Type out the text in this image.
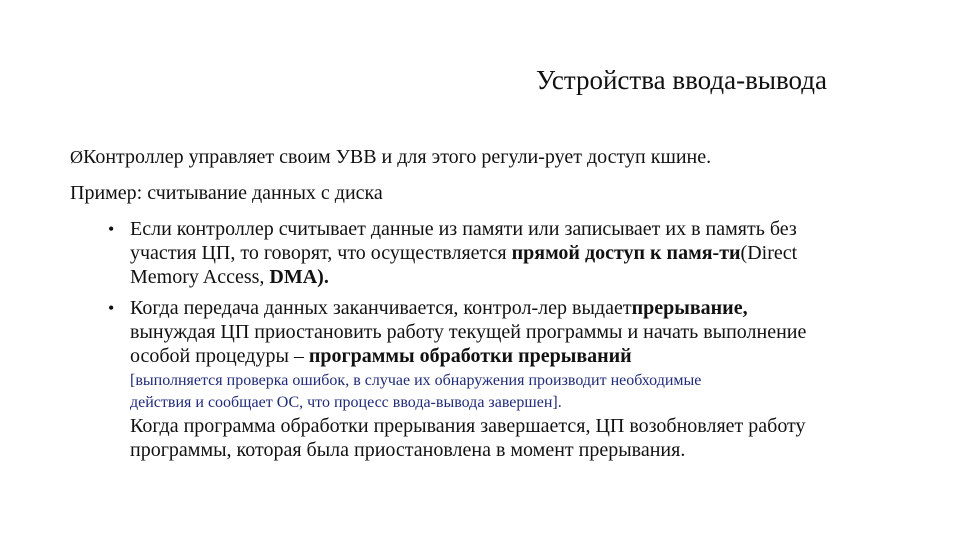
Устройства ввода-вывода
ØКонтроллер управляет своим УВВ и для этого регули-рует доступ кшине.
Пример: считывание данных с диска
• Если контроллер считывает данные из памяти или записывает их в память без
участия ЦП, то говорят, что осуществляется прямой доступ к памя-ти(Direct
Memory Access, DMA).
• Когда передача данных заканчивается, контрол-лер выдаетпрерывание,
вынуждая ЦП приостановить работу текущей программы и начать выполнение
особой процедуры – программы обработки прерываний
[выполняется проверка ошибок, в случае их обнаружения производит необходимые
действия и сообщает ОС, что процесс ввода-вывода завершен].
Когда программа обработки прерывания завершается, ЦП возобновляет работу
программы, которая была приостановлена в момент прерывания.
